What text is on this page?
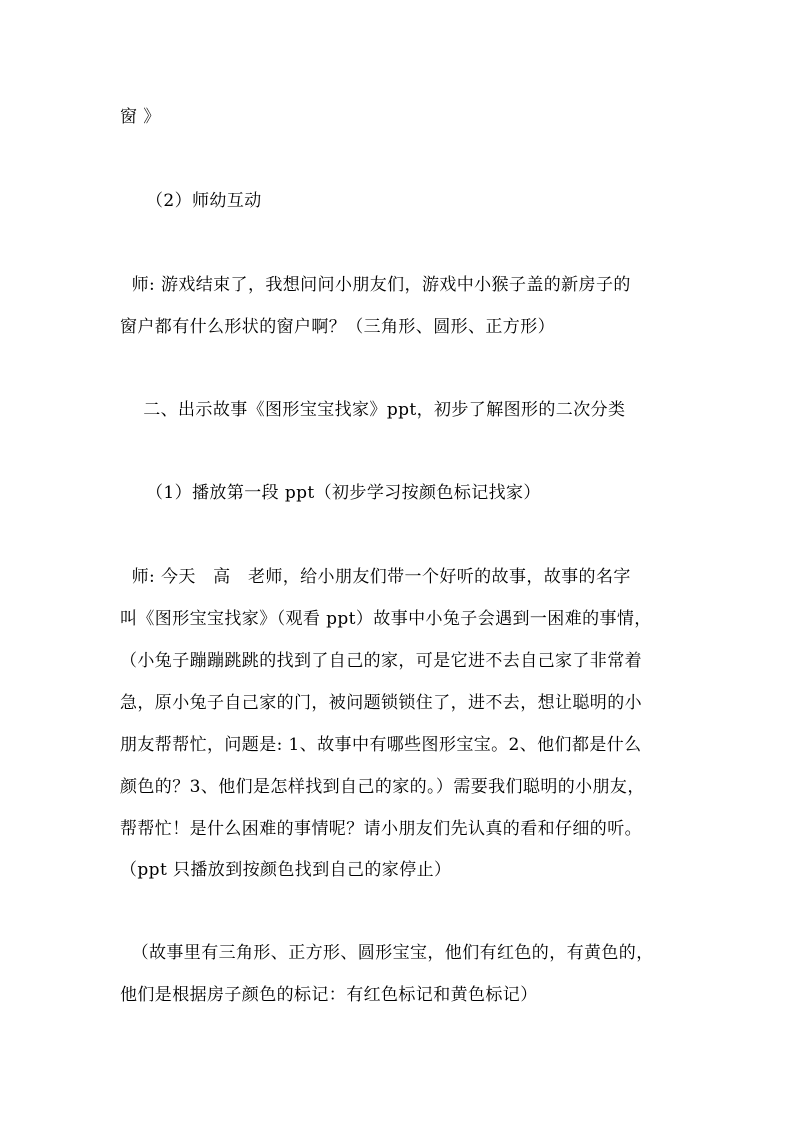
窗 》
（2）师幼互动
师: 游戏结束了，我想问问小朋友们，游戏中小猴子盖的新房子的
窗户都有什么形状的窗户啊？（三角形、圆形、正方形）
二、出示故事《图形宝宝找家》ppt，初步了解图形的二次分类
（1）播放第一段 ppt（初步学习按颜色标记找家）
师: 今天   高   老师，给小朋友们带一个好听的故事，故事的名字
叫《图形宝宝找家》（观看 ppt）故事中小兔子会遇到一困难的事情，
（小兔子蹦蹦跳跳的找到了自己的家，可是它进不去自己家了非常着
急，原小兔子自己家的门，被问题锁锁住了，进不去，想让聪明的小
朋友帮帮忙，问题是: 1、故事中有哪些图形宝宝。2、他们都是什么
颜色的？3、他们是怎样找到自己的家的。）需要我们聪明的小朋友，
帮帮忙！是什么困难的事情呢？请小朋友们先认真的看和仔细的听。
（ppt 只播放到按颜色找到自己的家停止）
（故事里有三角形、正方形、圆形宝宝，他们有红色的，有黄色的，
他们是根据房子颜色的标记：有红色标记和黄色标记）
